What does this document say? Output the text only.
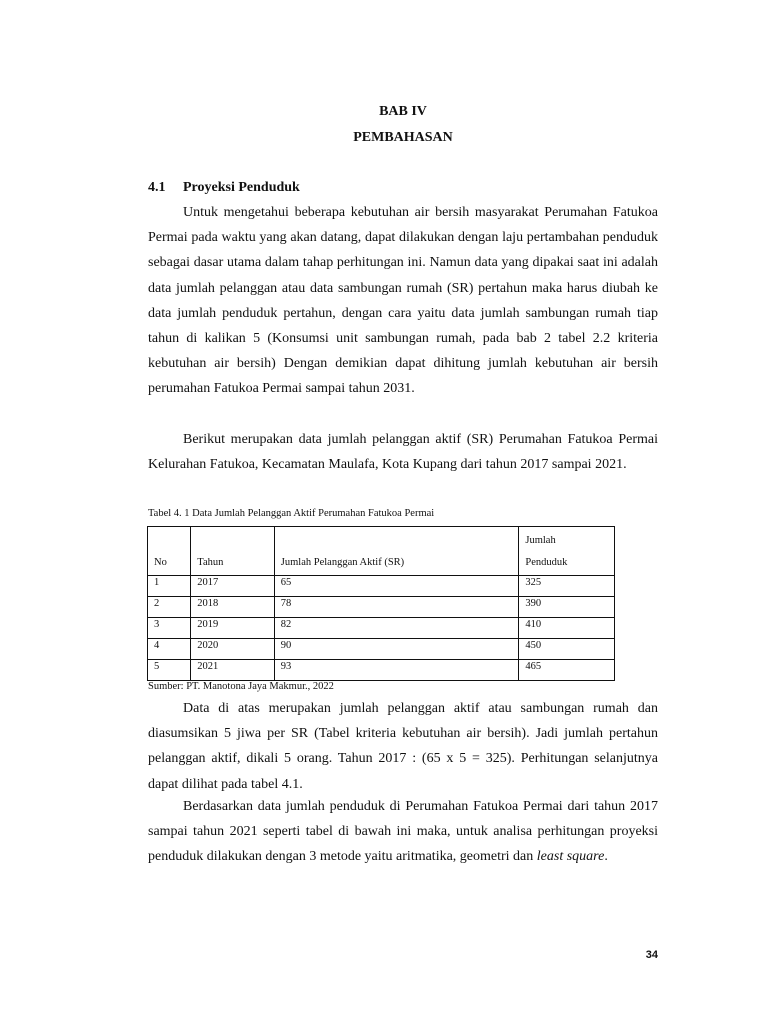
BAB IV
PEMBAHASAN
4.1 Proyeksi Penduduk

Untuk mengetahui beberapa kebutuhan air bersih masyarakat Perumahan Fatukoa Permai pada waktu yang akan datang, dapat dilakukan dengan laju pertambahan penduduk sebagai dasar utama dalam tahap perhitungan ini. Namun data yang dipakai saat ini adalah data jumlah pelanggan atau data sambungan rumah (SR) pertahun maka harus diubah ke data jumlah penduduk pertahun, dengan cara yaitu data jumlah sambungan rumah tiap tahun di kalikan 5 (Konsumsi unit sambungan rumah, pada bab 2 tabel 2.2 kriteria kebutuhan air bersih) Dengan demikian dapat dihitung jumlah kebutuhan air bersih perumahan Fatukoa Permai sampai tahun 2031.

Berikut merupakan data jumlah pelanggan aktif (SR) Perumahan Fatukoa Permai Kelurahan Fatukoa, Kecamatan Maulafa, Kota Kupang dari tahun 2017 sampai 2021.

Tabel 4. 1 Data Jumlah Pelanggan Aktif Perumahan Fatukoa Permai
No	Tahun	Jumlah Pelanggan Aktif (SR)	Jumlah
Penduduk

1	2017	65	325
2	2018	78	390
3	2019	82	410
4	2020	90	450
5	2021	93	465
Sumber: PT. Manotona Jaya Makmur., 2022

Data di atas merupakan jumlah pelanggan aktif atau sambungan rumah dan diasumsikan 5 jiwa per SR (Tabel kriteria kebutuhan air bersih). Jadi jumlah pertahun pelanggan aktif, dikali 5 orang. Tahun 2017 : (65 x 5 = 325). Perhitungan selanjutnya dapat dilihat pada tabel 4.1.

Berdasarkan data jumlah penduduk di Perumahan Fatukoa Permai dari tahun 2017 sampai tahun 2021 seperti tabel di bawah ini maka, untuk analisa perhitungan proyeksi penduduk dilakukan dengan 3 metode yaitu aritmatika, geometri dan least square.

34
